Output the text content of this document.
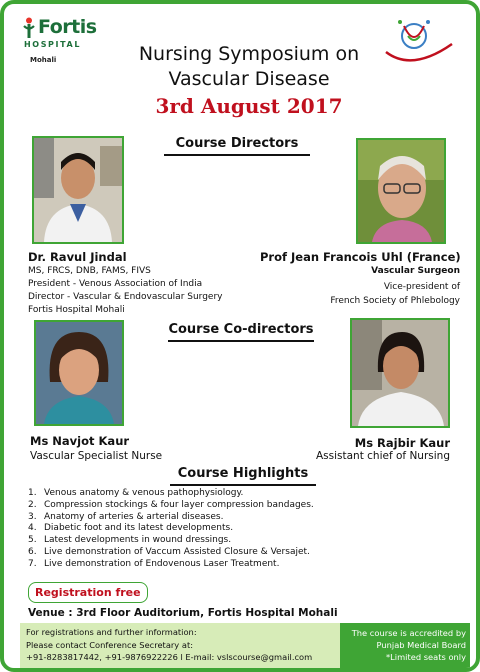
Fortis
HOSPITAL
Mohali	Nursing Symposium on
Vascular Disease
3rd August 2017
Course Directors
Dr. Ravul Jindal
MS, FRCS, DNB, FAMS, FIVS
President - Venous Association of India
Director - Vascular & Endovascular Surgery
Fortis Hospital Mohali
Prof Jean Francois Uhl (France)
Vascular Surgeon
Vice-president of
French Society of Phlebology
Course Co-directors
Ms Navjot Kaur
Vascular Specialist Nurse
Ms Rajbir Kaur
Assistant chief of Nursing
Course Highlights
1. Venous anatomy & venous pathophysiology.
2. Compression stockings & four layer compression bandages.
3. Anatomy of arteries & arterial diseases.
4. Diabetic foot and its latest developments.
5. Latest developments in wound dressings.
6. Live demonstration of Vaccum Assisted Closure & Versajet.
7. Live demonstration of Endovenous Laser Treatment.
Registration free
Venue : 3rd Floor Auditorium, Fortis Hospital Mohali
For registrations and further information:
Please contact Conference Secretary at:
+91-8283817442, +91-9876922226 l E-mail: vslscourse@gmail.com
The course is accredited by
Punjab Medical Board
*Limited seats only
